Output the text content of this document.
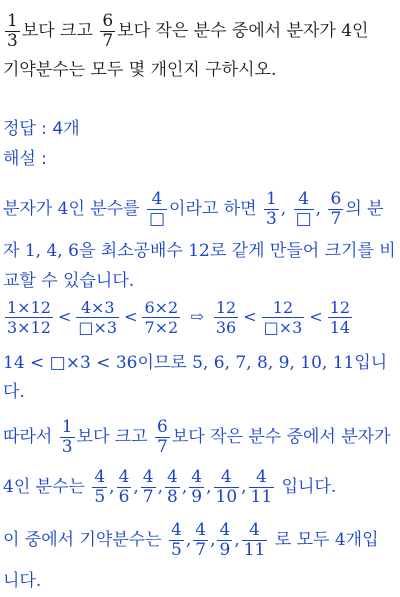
$\frac{1}{3}$ 보다 크고 $\frac{6}{7}$ 보다 작은 분수 중에서 분자가 4인
기약분수는 모두 몇 개인지 구하시오.
정답 : 4개
해설 :
분자가 4인 분수를 $\frac{4}{□}$ 이라고 하면 $\frac{1}{3}$ , $\frac{4}{□}$ , $\frac{6}{7}$ 의 분
자 1, 4, 6을 최소공배수 12로 같게 만들어 크기를 비
교할 수 있습니다.
$\frac{1\times 12}{3\times 12} < \frac{4\times 3}{□\times 3} < \frac{6\times 2}{7\times 2}$ ⇨ $\frac{12}{36} < \frac{12}{□\times 3} < \frac{12}{14}$
14 < □×3 < 36이므로 5, 6, 7, 8, 9, 10, 11입니
다.
따라서 $\frac{1}{3}$ 보다 크고 $\frac{6}{7}$ 보다 작은 분수 중에서 분자가
4인 분수는 $\frac{4}{5}$ , $\frac{4}{6}$ , $\frac{4}{7}$ , $\frac{4}{8}$ , $\frac{4}{9}$ , $\frac{4}{10}$ , $\frac{4}{11}$ 입니다.
이 중에서 기약분수는 $\frac{4}{5}$ , $\frac{4}{7}$ , $\frac{4}{9}$ , $\frac{4}{11}$ 로 모두 4개입
니다.
